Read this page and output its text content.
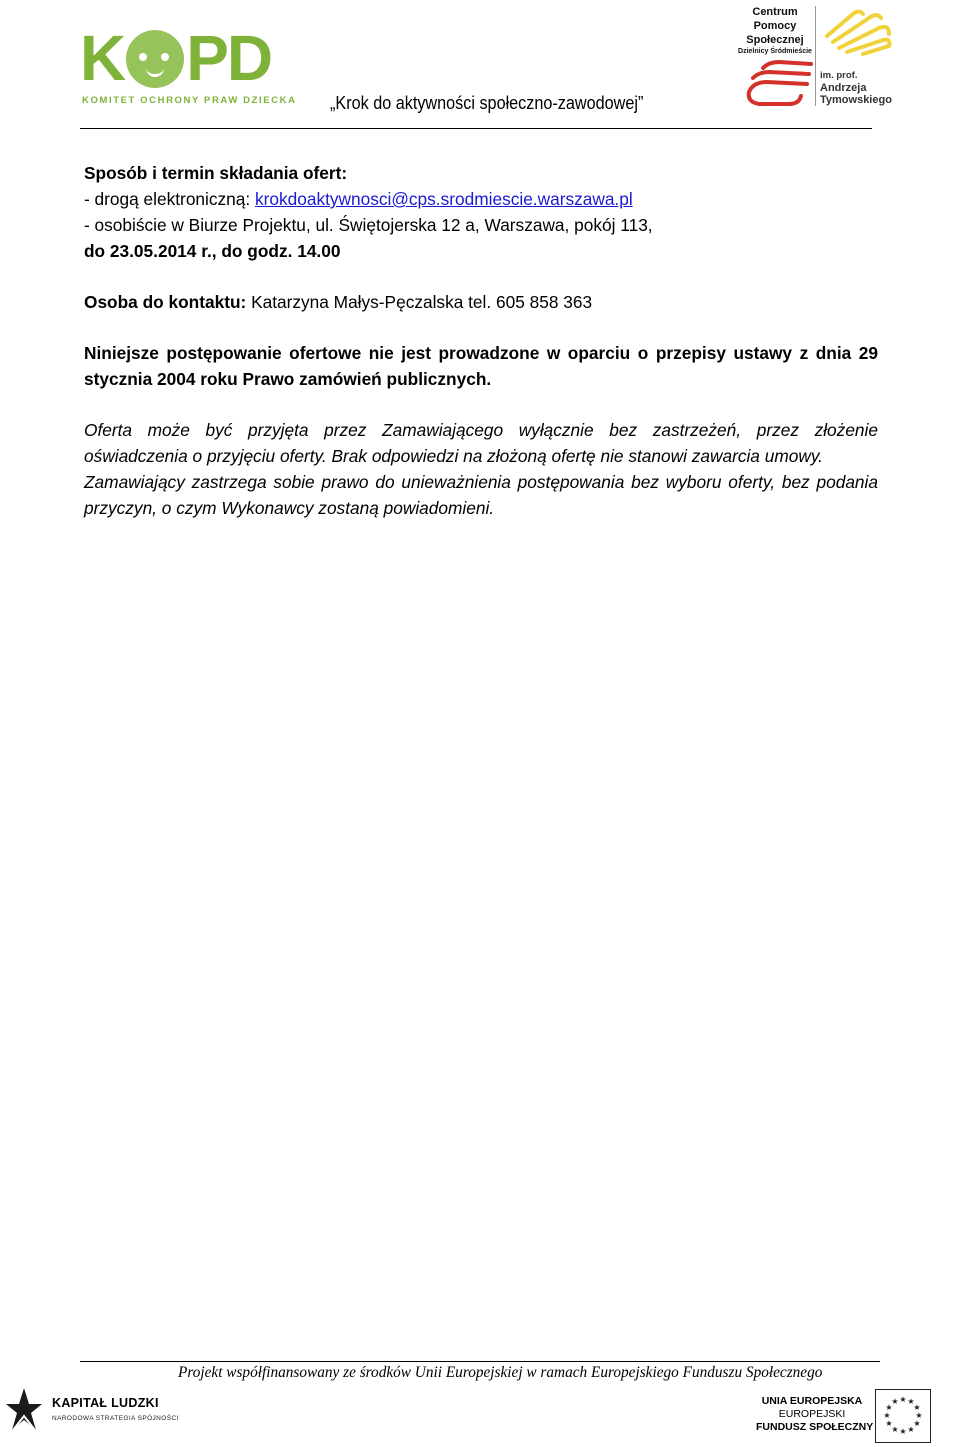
K PD
KOMITET OCHRONY PRAW DZIECKA „Krok do aktywności społeczno-zawodowej”
Centrum
Pomocy
Społecznej
Dzielnicy Śródmieście
im. prof.
Andrzeja
Tymowskiego

Sposób i termin składania ofert:

- drogą elektroniczną: krokdoaktywnosci@cps.srodmiescie.warszawa.pl

- osobiście w Biurze Projektu, ul. Świętojerska 12 a, Warszawa, pokój 113,

do 23.05.2014 r., do godz. 14.00

Osoba do kontaktu: Katarzyna Małys-Pęczalska tel. 605 858 363

Niniejsze postępowanie ofertowe nie jest prowadzone w oparciu o przepisy ustawy z dnia 29 stycznia 2004 roku Prawo zamówień publicznych.

Oferta może być przyjęta przez Zamawiającego wyłącznie bez zastrzeżeń, przez złożenie oświadczenia o przyjęciu oferty. Brak odpowiedzi na złożoną ofertę nie stanowi zawarcia umowy.

Zamawiający zastrzega sobie prawo do unieważnienia postępowania bez wyboru oferty, bez podania przyczyn, o czym Wykonawcy zostaną powiadomieni.

Projekt współfinansowany ze środków Unii Europejskiej w ramach Europejskiego Funduszu Społecznego
KAPITAŁ LUDZKI
NARODOWA STRATEGIA SPÓJNOŚCI
UNIA EUROPEJSKA
EUROPEJSKI
FUNDUSZ SPOŁECZNY
★ ★
★
★
★
★
★
★
★
★
★
★
